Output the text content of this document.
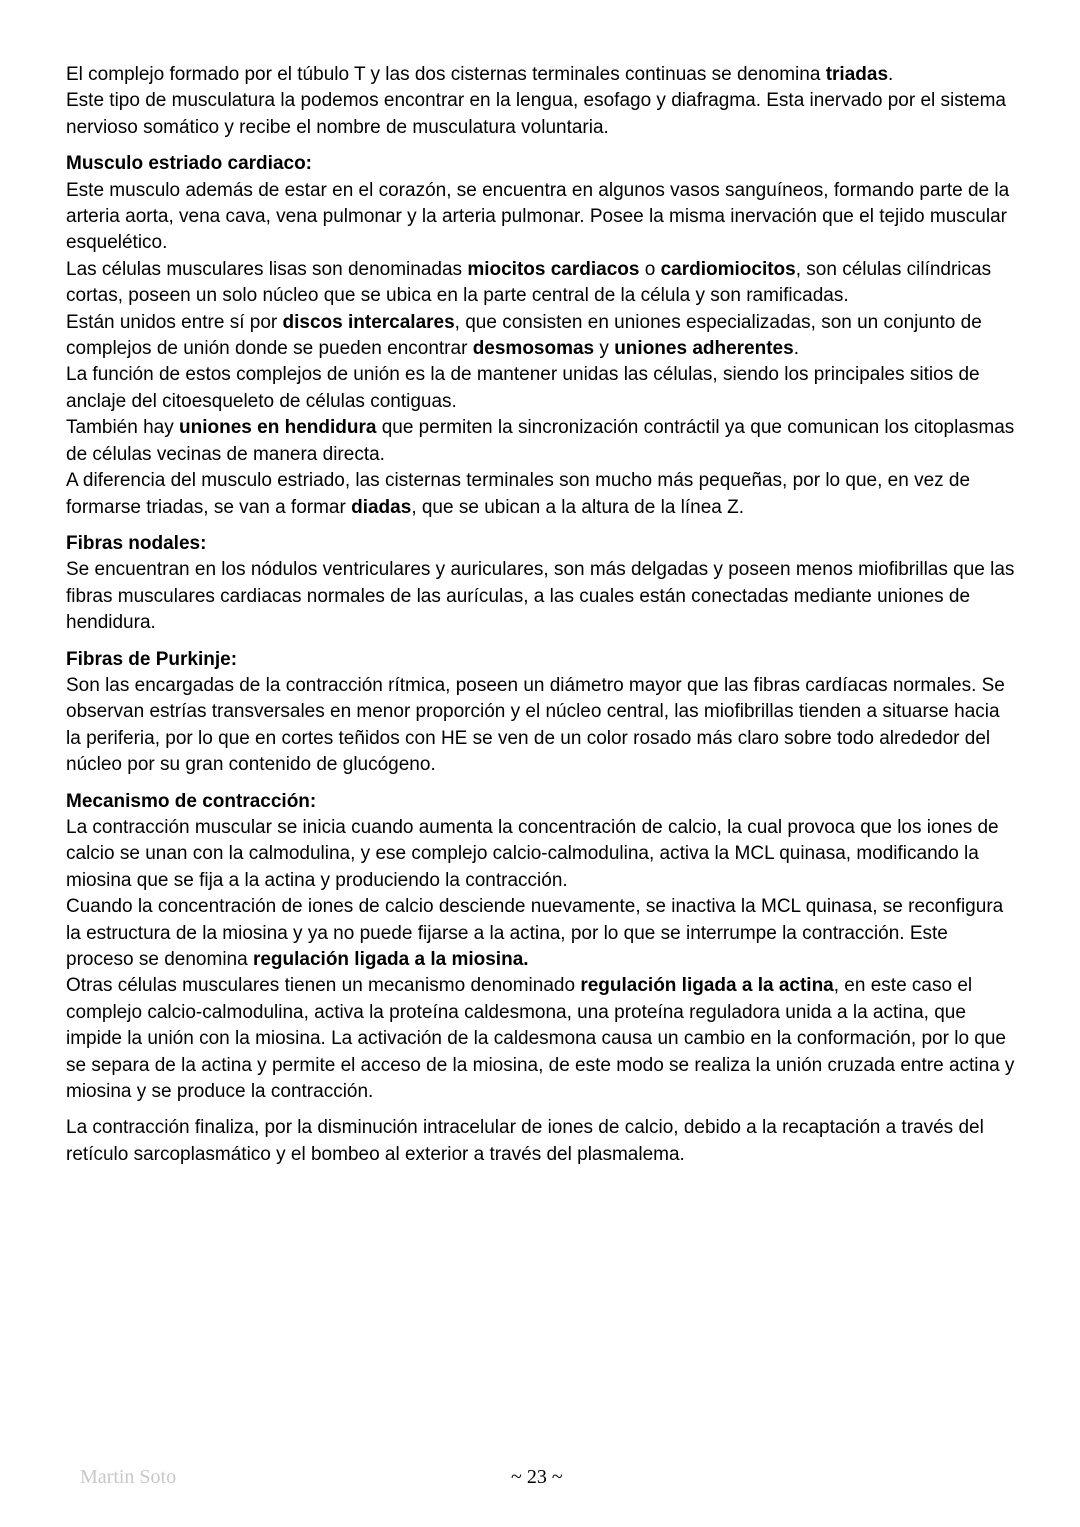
El complejo formado por el túbulo T y las dos cisternas terminales continuas se denomina triadas.

Este tipo de musculatura la podemos encontrar en la lengua, esofago y diafragma. Esta inervado por el sistema nervioso somático y recibe el nombre de musculatura voluntaria.

Musculo estriado cardiaco:

Este musculo además de estar en el corazón, se encuentra en algunos vasos sanguíneos, formando parte de la arteria aorta, vena cava, vena pulmonar y la arteria pulmonar. Posee la misma inervación que el tejido muscular esquelético.

Las células musculares lisas son denominadas miocitos cardiacos o cardiomiocitos, son células cilíndricas cortas, poseen un solo núcleo que se ubica en la parte central de la célula y son ramificadas.

Están unidos entre sí por discos intercalares, que consisten en uniones especializadas, son un conjunto de complejos de unión donde se pueden encontrar desmosomas y uniones adherentes.

La función de estos complejos de unión es la de mantener unidas las células, siendo los principales sitios de anclaje del citoesqueleto de células contiguas.

También hay uniones en hendidura que permiten la sincronización contráctil ya que comunican los citoplasmas de células vecinas de manera directa.

A diferencia del musculo estriado, las cisternas terminales son mucho más pequeñas, por lo que, en vez de formarse triadas, se van a formar diadas, que se ubican a la altura de la línea Z.

Fibras nodales:

Se encuentran en los nódulos ventriculares y auriculares, son más delgadas y poseen menos miofibrillas que las fibras musculares cardiacas normales de las aurículas, a las cuales están conectadas mediante uniones de hendidura.

Fibras de Purkinje:

Son las encargadas de la contracción rítmica, poseen un diámetro mayor que las fibras cardíacas normales. Se observan estrías transversales en menor proporción y el núcleo central, las miofibrillas tienden a situarse hacia la periferia, por lo que en cortes teñidos con HE se ven de un color rosado más claro sobre todo alrededor del núcleo por su gran contenido de glucógeno.

Mecanismo de contracción:

La contracción muscular se inicia cuando aumenta la concentración de calcio, la cual provoca que los iones de calcio se unan con la calmodulina, y ese complejo calcio-calmodulina, activa la MCL quinasa, modificando la miosina que se fija a la actina y produciendo la contracción.

Cuando la concentración de iones de calcio desciende nuevamente, se inactiva la MCL quinasa, se reconfigura la estructura de la miosina y ya no puede fijarse a la actina, por lo que se interrumpe la contracción. Este proceso se denomina regulación ligada a la miosina.

Otras células musculares tienen un mecanismo denominado regulación ligada a la actina, en este caso el complejo calcio-calmodulina, activa la proteína caldesmona, una proteína reguladora unida a la actina, que impide la unión con la miosina. La activación de la caldesmona causa un cambio en la conformación, por lo que se separa de la actina y permite el acceso de la miosina, de este modo se realiza la unión cruzada entre actina y miosina y se produce la contracción.

La contracción finaliza, por la disminución intracelular de iones de calcio, debido a la recaptación a través del retículo sarcoplasmático y el bombeo al exterior a través del plasmalema.

Martin Soto	~ 23 ~
